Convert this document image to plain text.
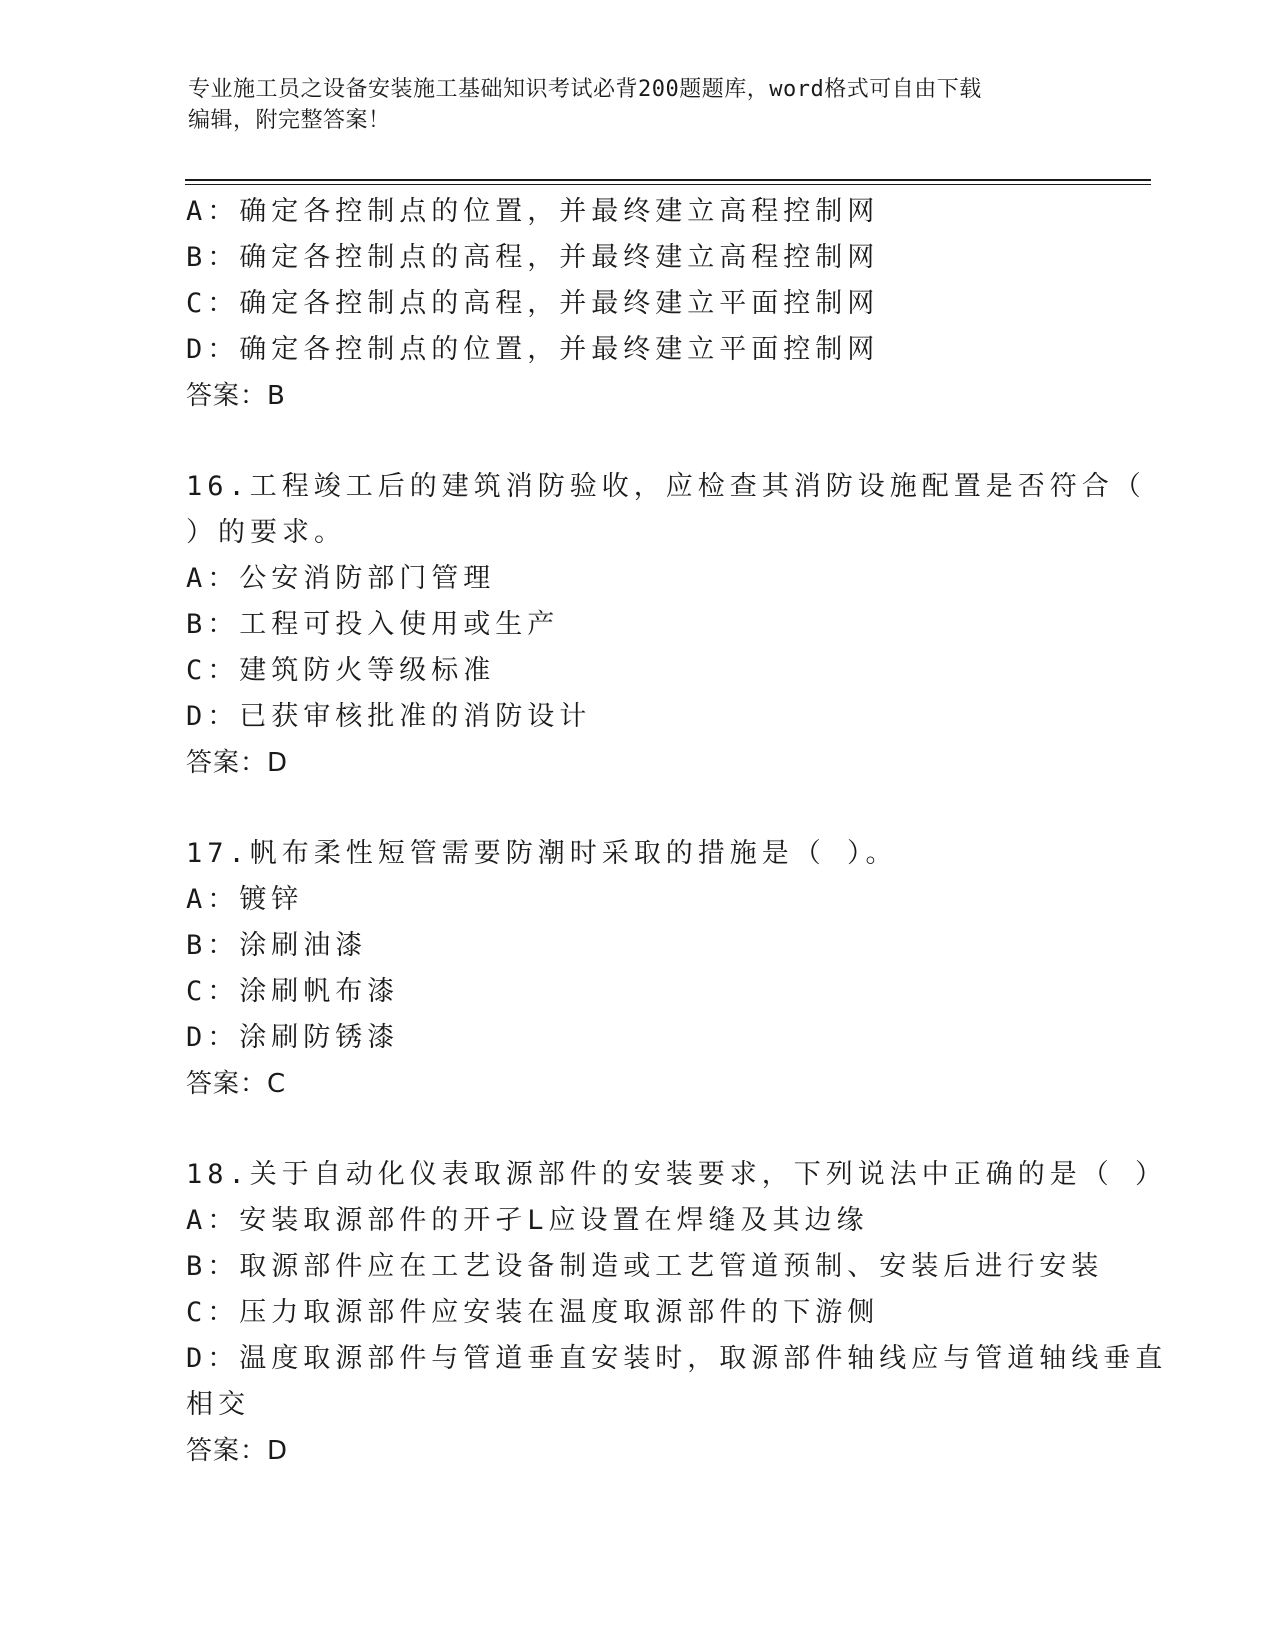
专业施工员之设备安装施工基础知识考试必背200题题库，word格式可自由下载
编辑，附完整答案！
A：确定各控制点的位置，并最终建立高程控制网
B：确定各控制点的高程，并最终建立高程控制网
C：确定各控制点的高程，并最终建立平面控制网
D：确定各控制点的位置，并最终建立平面控制网
答案：B
16.工程竣工后的建筑消防验收，应检查其消防设施配置是否符合（
）的要求。
A：公安消防部门管理
B：工程可投入使用或生产
C：建筑防火等级标准
D：已获审核批准的消防设计
答案：D
17.帆布柔性短管需要防潮时采取的措施是（ ）。
A：镀锌
B：涂刷油漆
C：涂刷帆布漆
D：涂刷防锈漆
答案：C
18.关于自动化仪表取源部件的安装要求，下列说法中正确的是（ ）
A：安装取源部件的开孑L应设置在焊缝及其边缘
B：取源部件应在工艺设备制造或工艺管道预制、安装后进行安装
C：压力取源部件应安装在温度取源部件的下游侧
D：温度取源部件与管道垂直安装时，取源部件轴线应与管道轴线垂直
相交
答案：D
